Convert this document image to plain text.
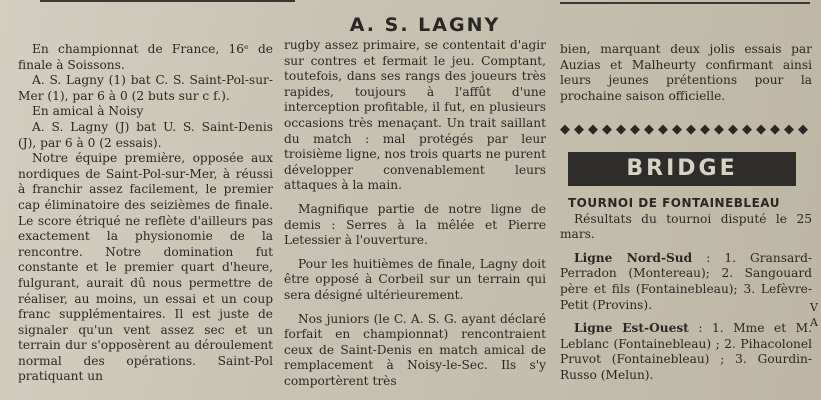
A. S. LAGNY

En championnat de France, 16ᵉ de finale à Soissons.

A. S. Lagny (1) bat C. S. Saint-Pol-sur-Mer (1), par 6 à 0 (2 buts sur c f.).

En amical à Noisy

A. S. Lagny (J) bat U. S. Saint-Denis (J), par 6 à 0 (2 essais).

Notre équipe première, opposée aux nordiques de Saint-Pol-sur-Mer, à réussi à franchir assez facilement, le premier cap éliminatoire des seizièmes de finale. Le score étriqué ne reflète d'ailleurs pas exactement la physionomie de la rencontre. Notre domination fut constante et le premier quart d'heure, fulgurant, aurait dû nous permettre de réaliser, au moins, un essai et un coup franc supplémentaires. Il est juste de signaler qu'un vent assez sec et un terrain dur s'opposèrent au déroulement normal des opérations. Saint-Pol pratiquant un

rugby assez primaire, se contentait d'agir sur contres et fermait le jeu. Comptant, toutefois, dans ses rangs des joueurs très rapides, toujours à l'affût d'une interception profitable, il fut, en plusieurs occasions très menaçant. Un trait saillant du match : mal protégés par leur troisième ligne, nos trois quarts ne purent développer convenablement leurs attaques à la main.

Magnifique partie de notre ligne de demis : Serres à la mêlée et Pierre Letessier à l'ouverture.

Pour les huitièmes de finale, Lagny doit être opposé à Corbeil sur un terrain qui sera désigné ultérieurement.

Nos juniors (le C. A. S. G. ayant déclaré forfait en championnat) rencontraient ceux de Saint-Denis en match amical de remplacement à Noisy-le-Sec. Ils s'y comportèrent très

bien, marquant deux jolis essais par Auzias et Malheurty confirmant ainsi leurs jeunes prétentions pour la prochaine saison officielle.

◆◆◆◆◆◆◆◆◆◆◆◆◆◆◆◆◆◆
BRIDGE
TOURNOI DE FONTAINEBLEAU

Résultats du tournoi disputé le 25 mars.

Ligne Nord-Sud : 1. Gransard-Perradon (Montereau); 2. Sangouard père et fils (Fontainebleau); 3. Lefèvre-Petit (Provins).

Ligne Est-Ouest : 1. Mme et M. Leblanc (Fontainebleau) ; 2. Pihacolonel Pruvot (Fontainebleau) ; 3. Gourdin-Russo (Melun).

V
A
